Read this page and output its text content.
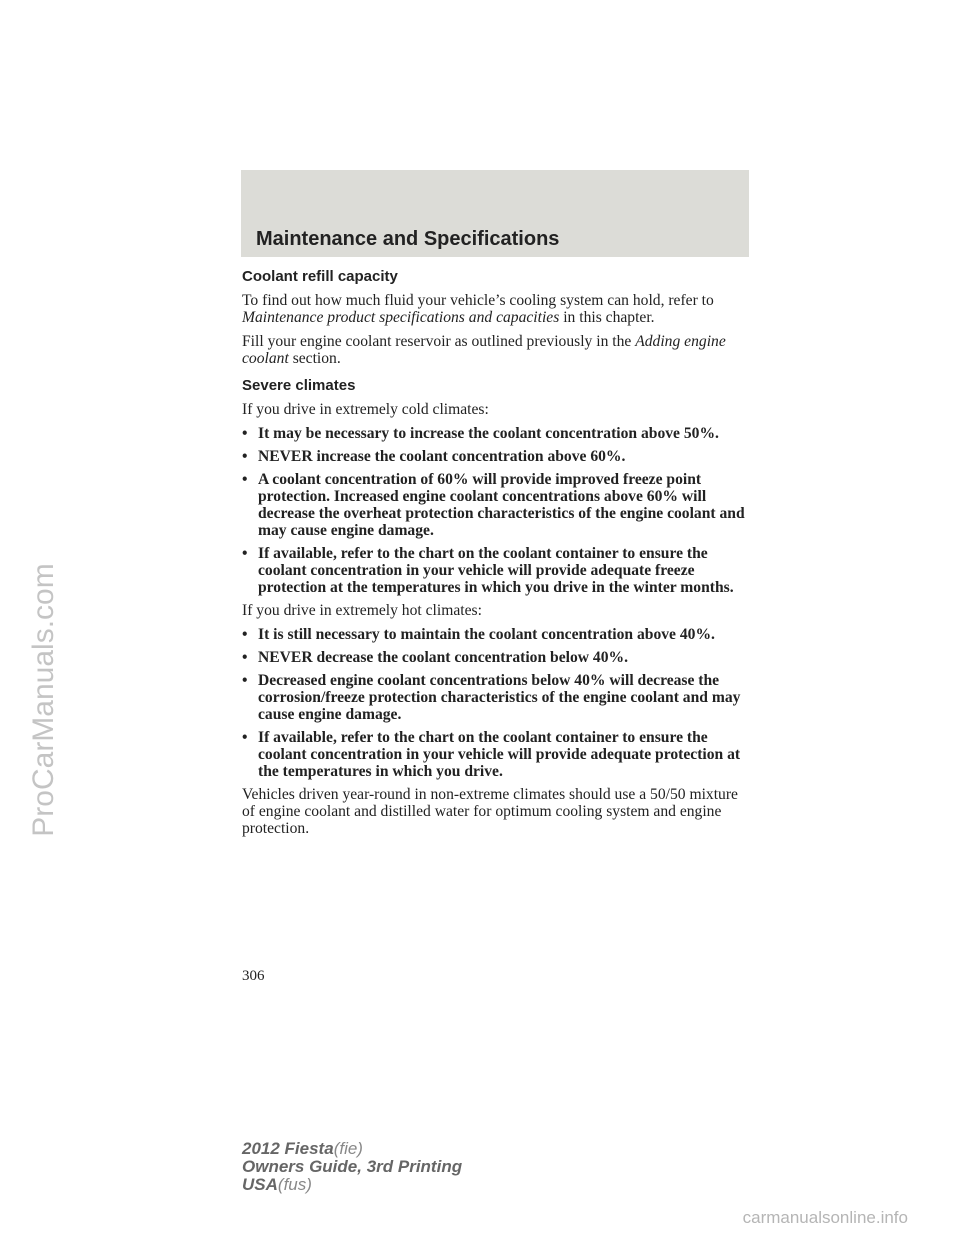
Maintenance and Specifications
Coolant refill capacity

To find out how much fluid your vehicle’s cooling system can hold, refer to Maintenance product specifications and capacities in this chapter.

Fill your engine coolant reservoir as outlined previously in the Adding engine coolant section.

Severe climates

If you drive in extremely cold climates:

• It may be necessary to increase the coolant concentration above 50%.
• NEVER increase the coolant concentration above 60%.
• A coolant concentration of 60% will provide improved freeze point protection. Increased engine coolant concentrations above 60% will decrease the overheat protection characteristics of the engine coolant and may cause engine damage.
• If available, refer to the chart on the coolant container to ensure the coolant concentration in your vehicle will provide adequate freeze protection at the temperatures in which you drive in the winter months.

If you drive in extremely hot climates:

• It is still necessary to maintain the coolant concentration above 40%.
• NEVER decrease the coolant concentration below 40%.
• Decreased engine coolant concentrations below 40% will decrease the corrosion/freeze protection characteristics of the engine coolant and may cause engine damage.
• If available, refer to the chart on the coolant container to ensure the coolant concentration in your vehicle will provide adequate protection at the temperatures in which you drive.

Vehicles driven year-round in non-extreme climates should use a 50/50 mixture of engine coolant and distilled water for optimum cooling system and engine protection.

306
2012 Fiesta(fie)
Owners Guide, 3rd Printing
USA(fus)
ProCarManuals.com
carmanualsonline.info
